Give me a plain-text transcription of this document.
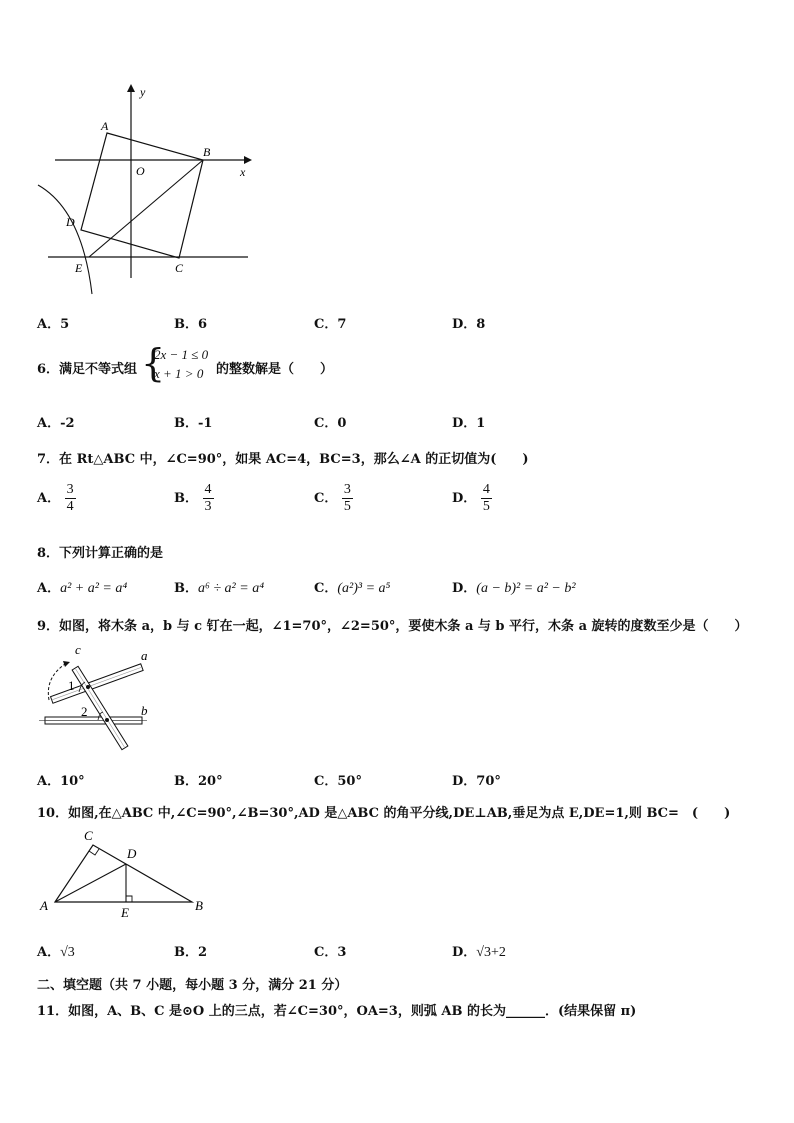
y
x
O
A
B
C
D
E
A．5	B．6	C．7	D．8
6．满足不等式组 {
2x − 1 ≤ 0
x + 1 > 0 的整数解是（　　）
A．-2	B．-1	C．0	D．1
7．在 Rt△ABC 中，∠C=90°，如果 AC=4，BC=3，那么∠A 的正切值为(　　)
A． $\frac{3}{4}$	B． $\frac{4}{3}$	C． $\frac{3}{5}$	D． $\frac{4}{5}$
8．下列计算正确的是
A．a² + a² = a⁴	B．a⁶ ÷ a² = a⁴	C．(a²)³ = a⁵	D．(a − b)² = a² − b²
9．如图，将木条 a，b 与 c 钉在一起，∠1=70°，∠2=50°，要使木条 a 与 b 平行，木条 a 旋转的度数至少是（　　）
c	a
b
1
2
A．10°	B．20°	C．50°	D．70°
10．如图,在△ABC 中,∠C=90°,∠B=30°,AD 是△ABC 的角平分线,DE⊥AB,垂足为点 E,DE=1,则 BC=　(　　)
C
D
A	E	B
A．√3	B．2	C．3	D．√3+2
二、填空题（共 7 小题，每小题 3 分，满分 21 分）
11．如图，A、B、C 是⊙O 上的三点，若∠C=30°，OA=3，则弧 AB 的长为______．(结果保留 π)
